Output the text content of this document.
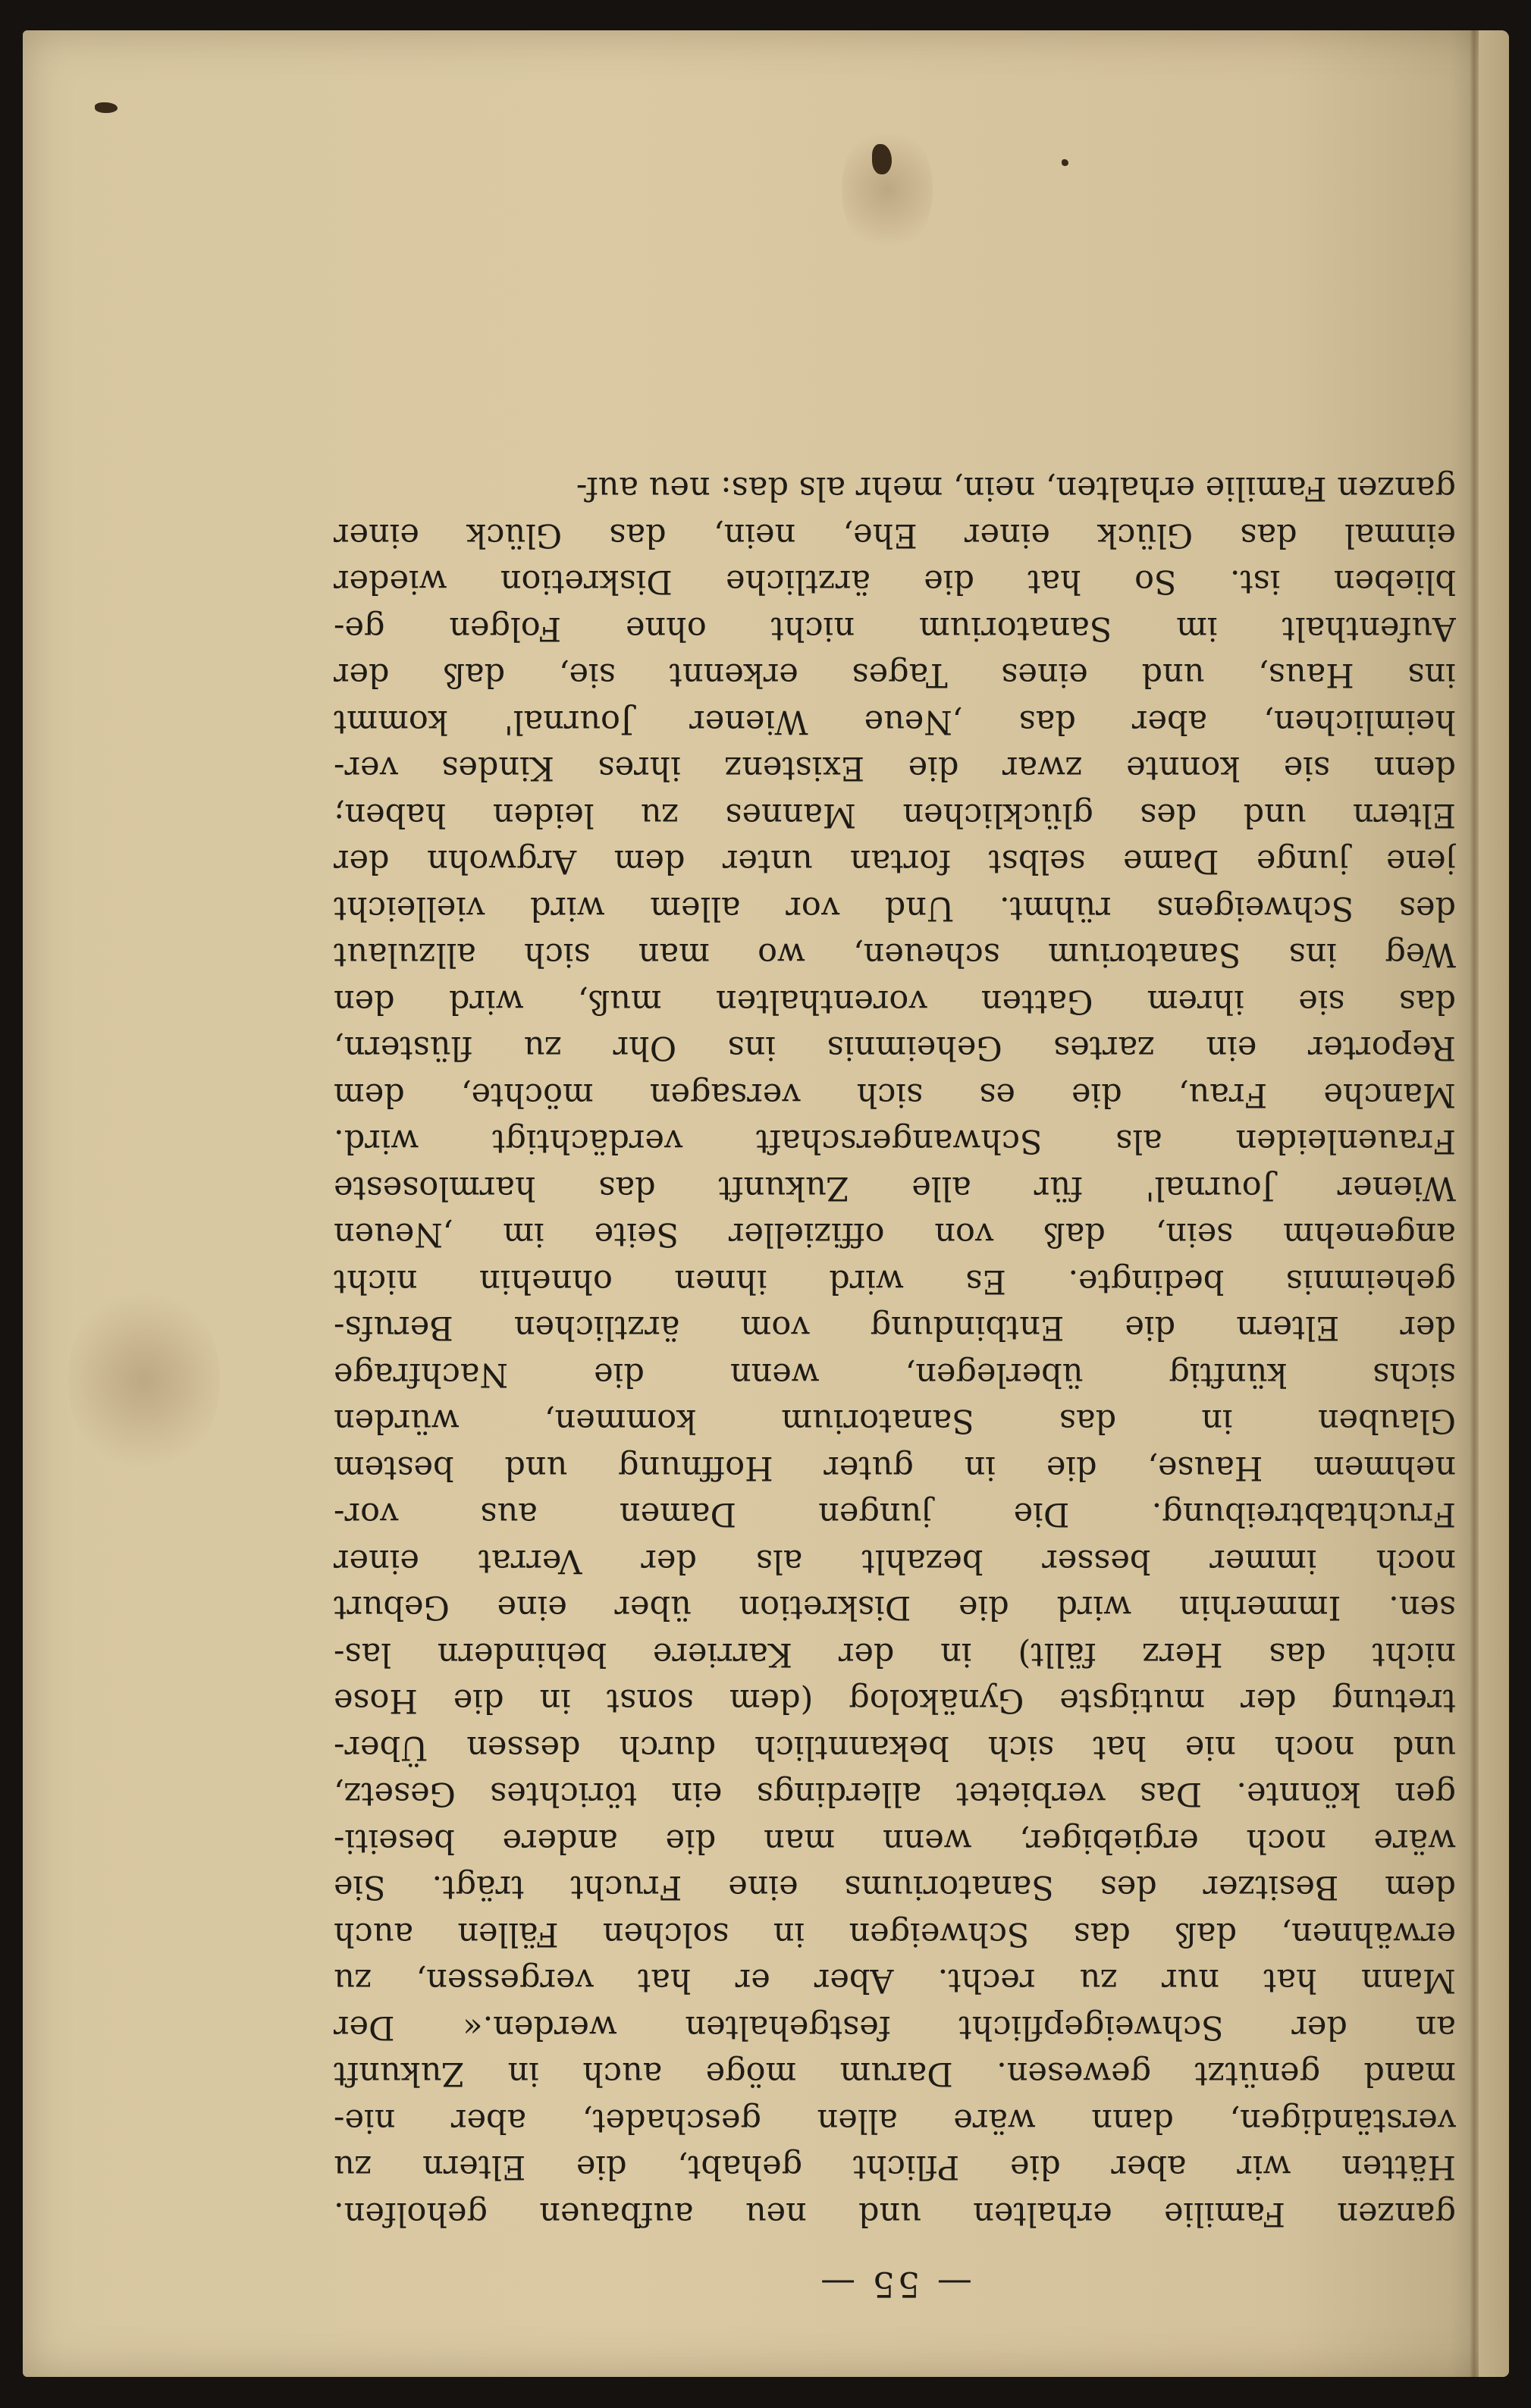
— 55 —
ganzen Familie erhalten und neu aufbauen geholfen.
Hätten wir aber die Pflicht gehabt, die Eltern zu
verständigen, dann wäre allen geschadet, aber nie-
mand genützt gewesen. Darum möge auch in Zukunft
an der Schweigepflicht festgehalten werden.« Der
Mann hat nur zu recht. Aber er hat vergessen, zu
erwähnen, daß das Schweigen in solchen Fällen auch
dem Besitzer des Sanatoriums eine Frucht trägt. Sie
wäre noch ergiebiger, wenn man die andere beseiti-
gen könnte. Das verbietet allerdings ein törichtes Gesetz,
und noch nie hat sich bekanntlich durch dessen Über-
tretung der mutigste Gynäkolog (dem sonst in die Hose
nicht das Herz fällt) in der Karriere behindern las-
sen. Immerhin wird die Diskretion über eine Geburt
noch immer besser bezahlt als der Verrat einer
Fruchtabtreibung. Die jungen Damen aus vor-
nehmem Hause, die in guter Hoffnung und bestem
Glauben in das Sanatorium kommen, würden
sichs künftig überlegen, wenn die Nachfrage
der Eltern die Entbindung vom ärztlichen Berufs-
geheimnis bedingte. Es wird ihnen ohnehin nicht
angenehm sein, daß von offizieller Seite im ‚Neuen
Wiener Journal' für alle Zukunft das harmloseste
Frauenleiden als Schwangerschaft verdächtigt wird.
Manche Frau, die es sich versagen möchte, dem
Reporter ein zartes Geheimnis ins Ohr zu flüstern,
das sie ihrem Gatten vorenthalten muß, wird den
Weg ins Sanatorium scheuen, wo man sich allzulaut
des Schweigens rühmt. Und vor allem wird vielleicht
jene junge Dame selbst fortan unter dem Argwohn der
Eltern und des glücklichen Mannes zu leiden haben;
denn sie konnte zwar die Existenz ihres Kindes ver-
heimlichen, aber das ‚Neue Wiener Journal' kommt
ins Haus, und eines Tages erkennt sie, daß der
Aufenthalt im Sanatorium nicht ohne Folgen ge-
blieben ist. So hat die ärztliche Diskretion wieder
einmal das Glück einer Ehe, nein, das Glück einer
ganzen Familie erhalten, nein, mehr als das: neu auf-
